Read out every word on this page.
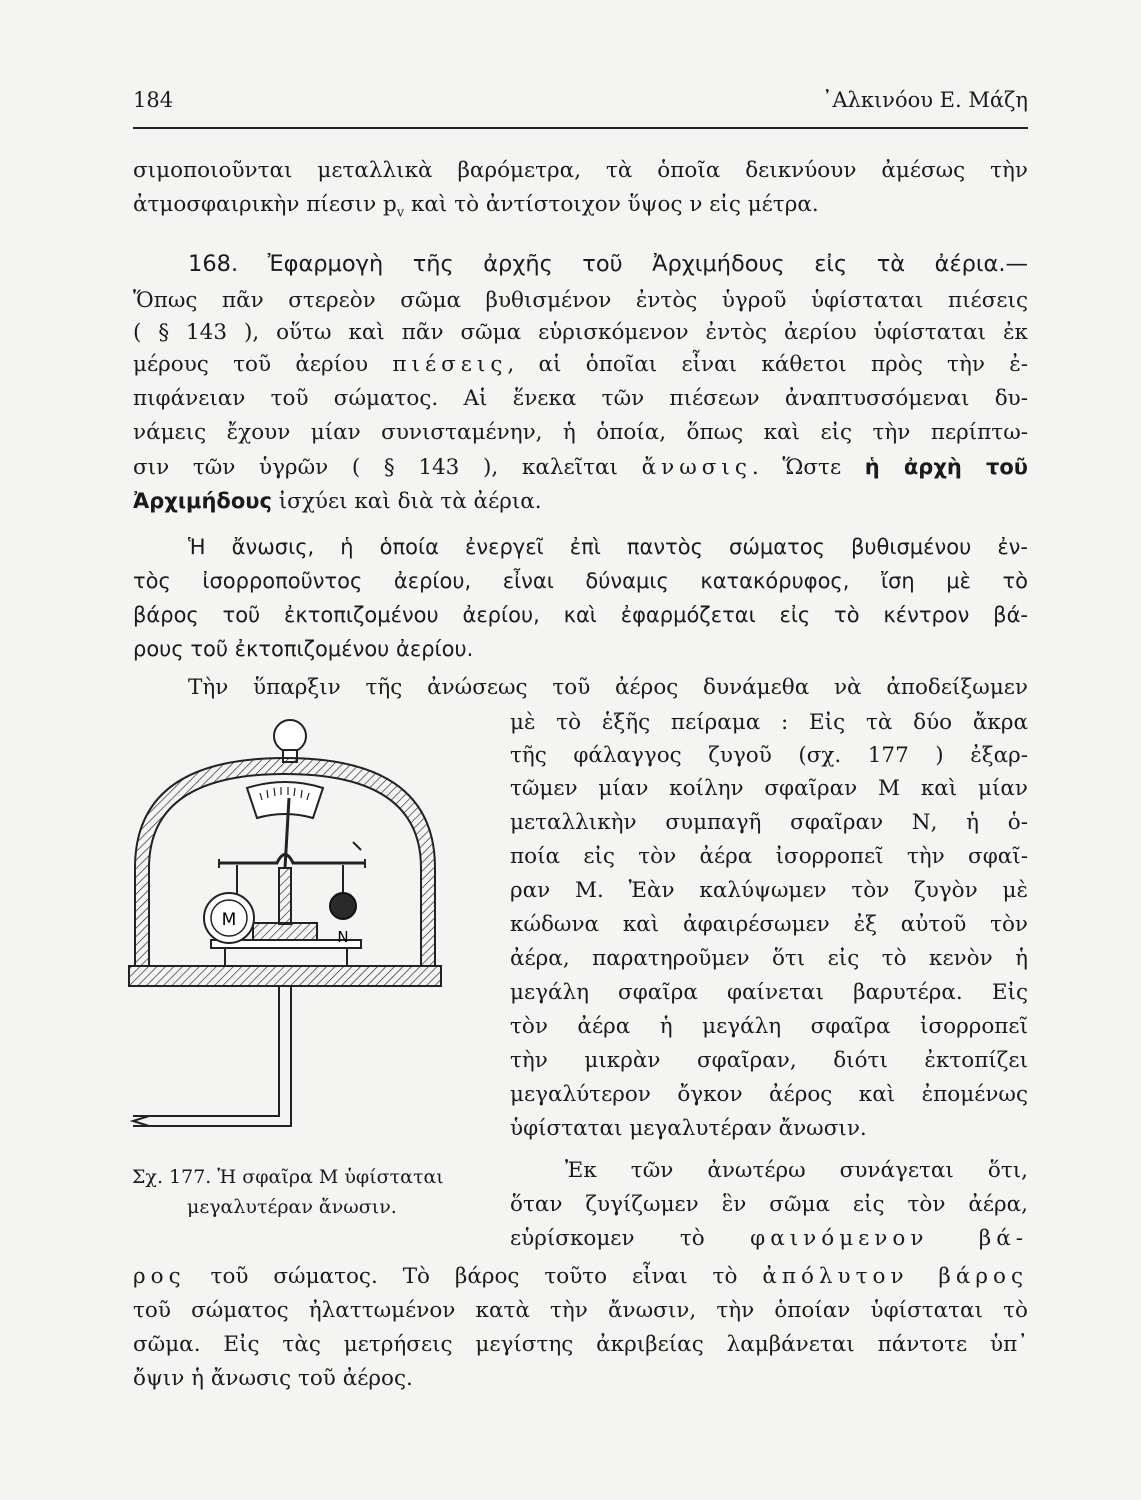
184	᾿Αλκινόου Ε. Μάζη
σιμοποιοῦνται μεταλλικὰ βαρόμετρα, τὰ ὁποῖα δεικνύουν ἀμέσως τὴν
ἀτμοσφαιρικὴν πίεσιν $p_v$ καὶ τὸ ἀντίστοιχον ὕψος ν εἰς μέτρα.
168. Ἐφαρμογὴ τῆς ἀρχῆς τοῦ Ἀρχιμήδους εἰς τὰ ἀέρια.—
Ὅπως πᾶν στερεὸν σῶμα βυθισμένον ἐντὸς ὑγροῦ ὑφίσταται πιέσεις
( § 143 ), οὕτω καὶ πᾶν σῶμα εὑρισκόμενον ἐντὸς ἀερίου ὑφίσταται ἐκ
μέρους τοῦ ἀερίου πιέσεις, αἱ ὁποῖαι εἶναι κάθετοι πρὸς τὴν ἐ-
πιφάνειαν τοῦ σώματος. Αἱ ἕνεκα τῶν πιέσεων ἀναπτυσσόμεναι δυ-
νάμεις ἔχουν μίαν συνισταμένην, ἡ ὁποία, ὅπως καὶ εἰς τὴν περίπτω-
σιν τῶν ὑγρῶν ( § 143 ), καλεῖται ἄνωσις. Ὥστε ἡ ἀρχὴ τοῦ
Ἀρχιμήδους ἰσχύει καὶ διὰ τὰ ἀέρια.
Ἡ ἄνωσις, ἡ ὁποία ἐνεργεῖ ἐπὶ παντὸς σώματος βυθισμένου ἐν-
τὸς ἰσορροποῦντος ἀερίου, εἶναι δύναμις κατακόρυφος, ἴση μὲ τὸ
βάρος τοῦ ἐκτοπιζομένου ἀερίου, καὶ ἐφαρμόζεται εἰς τὸ κέντρον βά-
ρους τοῦ ἐκτοπιζομένου ἀερίου.
Τὴν ὕπαρξιν τῆς ἀνώσεως τοῦ ἀέρος δυνάμεθα νὰ ἀποδείξωμεν
μὲ τὸ ἑξῆς πείραμα : Εἰς τὰ δύο ἄκρα
τῆς φάλαγγος ζυγοῦ (σχ. 177 ) ἐξαρ-
τῶμεν μίαν κοίλην σφαῖραν Μ καὶ μίαν
μεταλλικὴν συμπαγῆ σφαῖραν Ν, ἡ ὁ-
ποία εἰς τὸν ἀέρα ἰσορροπεῖ τὴν σφαῖ-
ραν Μ. Ἐὰν καλύψωμεν τὸν ζυγὸν μὲ
κώδωνα καὶ ἀφαιρέσωμεν ἐξ αὐτοῦ τὸν
ἀέρα, παρατηροῦμεν ὅτι εἰς τὸ κενὸν ἡ
μεγάλη σφαῖρα φαίνεται βαρυτέρα. Εἰς
τὸν ἀέρα ἡ μεγάλη σφαῖρα ἰσορροπεῖ
τὴν μικρὰν σφαῖραν, διότι ἐκτοπίζει
μεγαλύτερον ὄγκον ἀέρος καὶ ἐπομένως
ὑφίσταται μεγαλυτέραν ἄνωσιν.
Ἐκ τῶν ἀνωτέρω συνάγεται ὅτι,
ὅταν ζυγίζωμεν ἓν σῶμα εἰς τὸν ἀέρα,
εὑρίσκομεν τὸ φαινόμενον βά-
ρος τοῦ σώματος. Τὸ βάρος τοῦτο εἶναι τὸ ἀπόλυτον βάρος
τοῦ σώματος ἠλαττωμένον κατὰ τὴν ἄνωσιν, τὴν ὁποίαν ὑφίσταται τὸ
σῶμα. Εἰς τὰς μετρήσεις μεγίστης ἀκριβείας λαμβάνεται πάντοτε ὑπ᾿
ὄψιν ἡ ἄνωσις τοῦ ἀέρος.
M
N
Σχ. 177. Ἡ σφαῖρα Μ ὑφίσταται
μεγαλυτέραν ἄνωσιν.
